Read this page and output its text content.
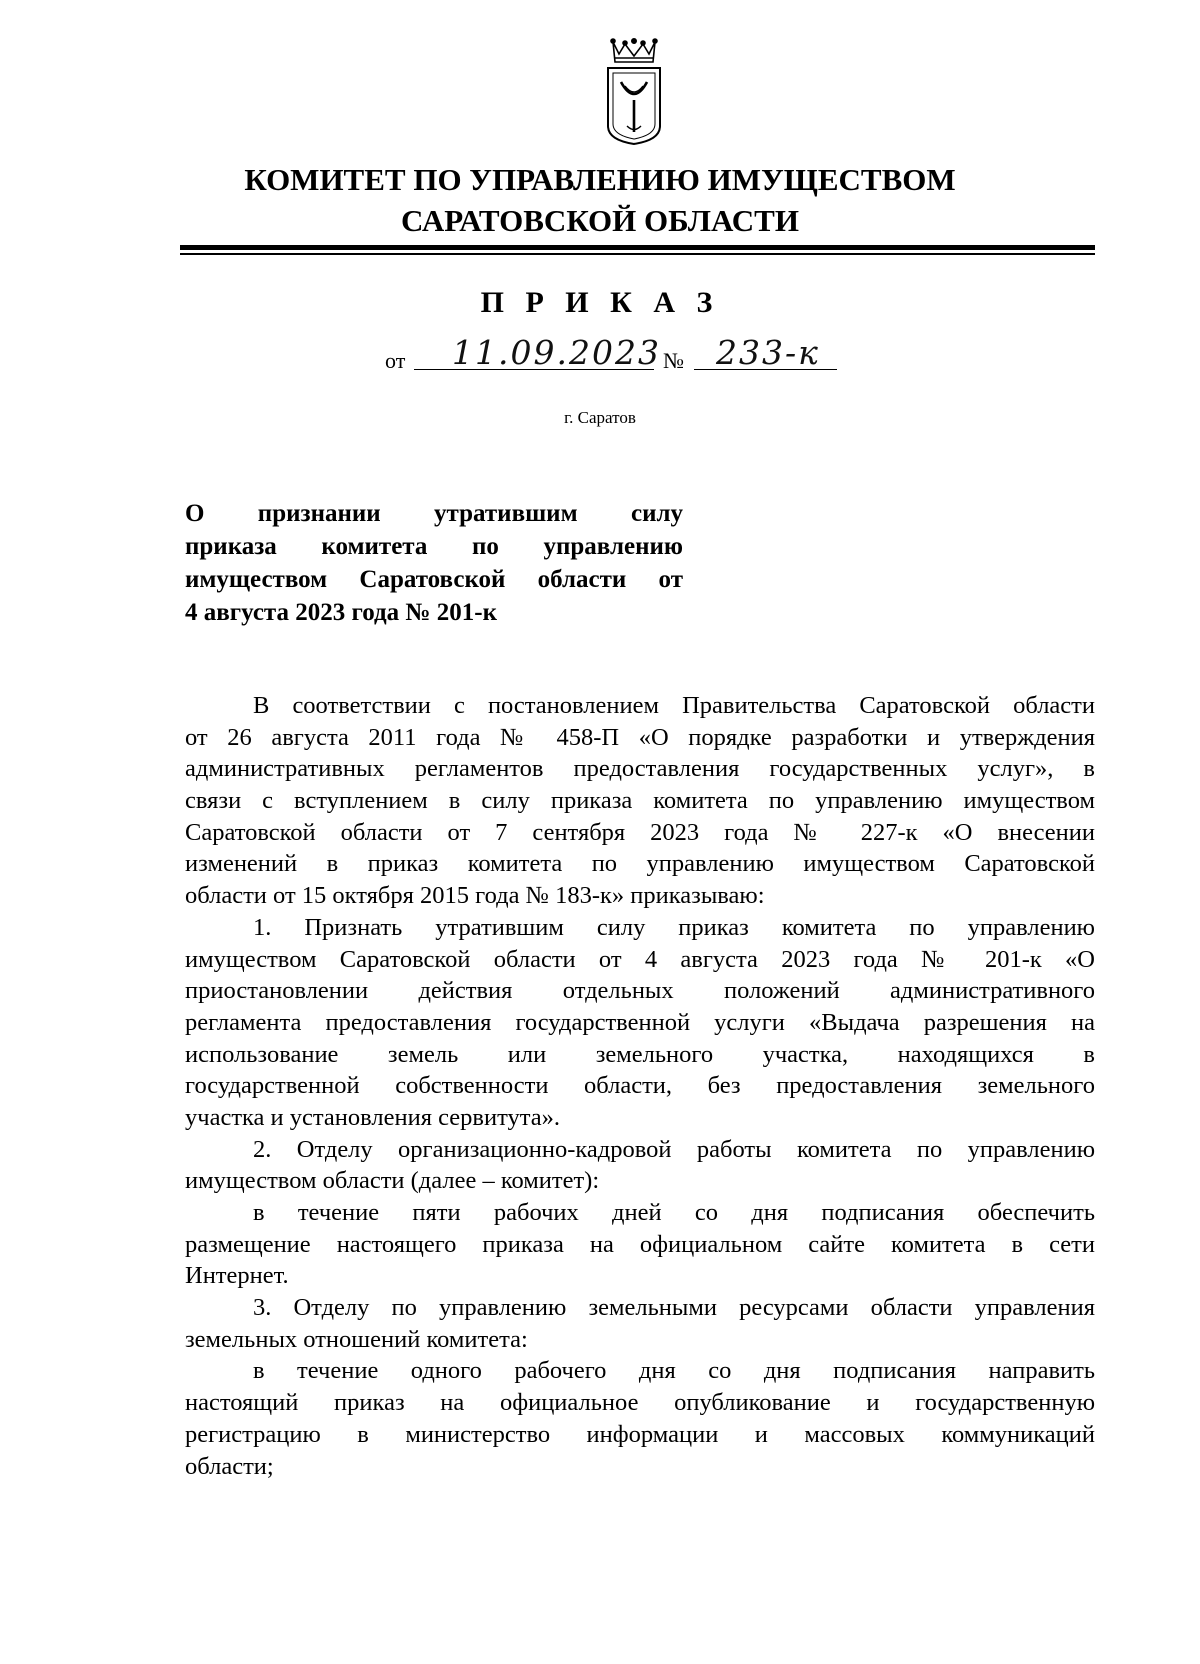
КОМИТЕТ ПО УПРАВЛЕНИЮ ИМУЩЕСТВОМ
САРАТОВСКОЙ ОБЛАСТИ
П Р И К А З
от 11.09.2023 № 233-к
г. Саратов
О признании утратившим силу
приказа комитета по управлению
имуществом Саратовской области от
4 августа 2023 года № 201-к
В соответствии с постановлением Правительства Саратовской области
от 26 августа 2011 года № 458-П «О порядке разработки и утверждения
административных регламентов предоставления государственных услуг», в
связи с вступлением в силу приказа комитета по управлению имуществом
Саратовской области от 7 сентября 2023 года № 227-к «О внесении
изменений в приказ комитета по управлению имуществом Саратовской
области от 15 октября 2015 года № 183-к» приказываю:
1. Признать утратившим силу приказ комитета по управлению
имуществом Саратовской области от 4 августа 2023 года № 201-к «О
приостановлении действия отдельных положений административного
регламента предоставления государственной услуги «Выдача разрешения на
использование земель или земельного участка, находящихся в
государственной собственности области, без предоставления земельного
участка и установления сервитута».
2. Отделу организационно-кадровой работы комитета по управлению
имуществом области (далее – комитет):
в течение пяти рабочих дней со дня подписания обеспечить
размещение настоящего приказа на официальном сайте комитета в сети
Интернет.
3. Отделу по управлению земельными ресурсами области управления
земельных отношений комитета:
в течение одного рабочего дня со дня подписания направить
настоящий приказ на официальное опубликование и государственную
регистрацию в министерство информации и массовых коммуникаций
области;
